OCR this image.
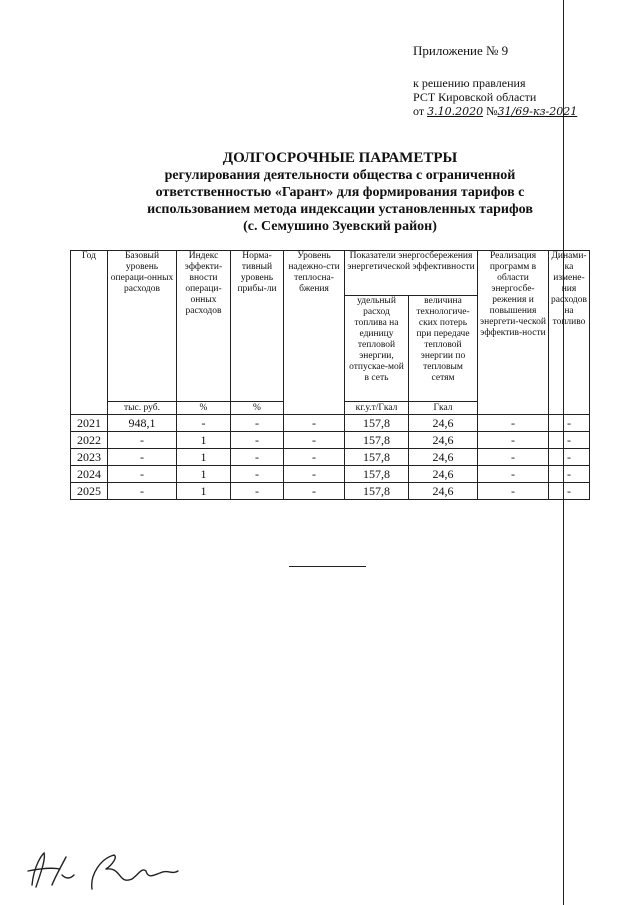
Приложение № 9
к решению правления
РСТ Кировской области
от 3.10.2020 №31/69-кз-2021
ДОЛГОСРОЧНЫЕ ПАРАМЕТРЫ
регулирования деятельности общества с ограниченной
ответственностью «Гарант» для формирования тарифов с
использованием метода индексации установленных тарифов
(с. Семушино Зуевский район)
Год	Базовый уровень операци-онных расходов	Индекс эффекти-вности операци-онных расходов	Норма-тивный уровень прибы-ли	Уровень надежно-сти теплосна-бжения	Показатели энергосбережения энергетической эффективности		Реализация программ в области энергосбе-режения и повышения энергети-ческой эффектив-ности	Динами-ка измене-ния расходов на топливо
					удельный расход топлива на единицу тепловой энергии, отпускае-мой в сеть	величина технологиче-ских потерь при передаче тепловой энергии по тепловым сетям		
	тыс. руб.	%	%		кг.у.т/Гкал	Гкал		
2021	948,1	-	-	-	157,8	24,6	-	-
2022	-	1	-	-	157,8	24,6	-	-
2023	-	1	-	-	157,8	24,6	-	-
2024	-	1	-	-	157,8	24,6	-	-
2025	-	1	-	-	157,8	24,6	-	-
